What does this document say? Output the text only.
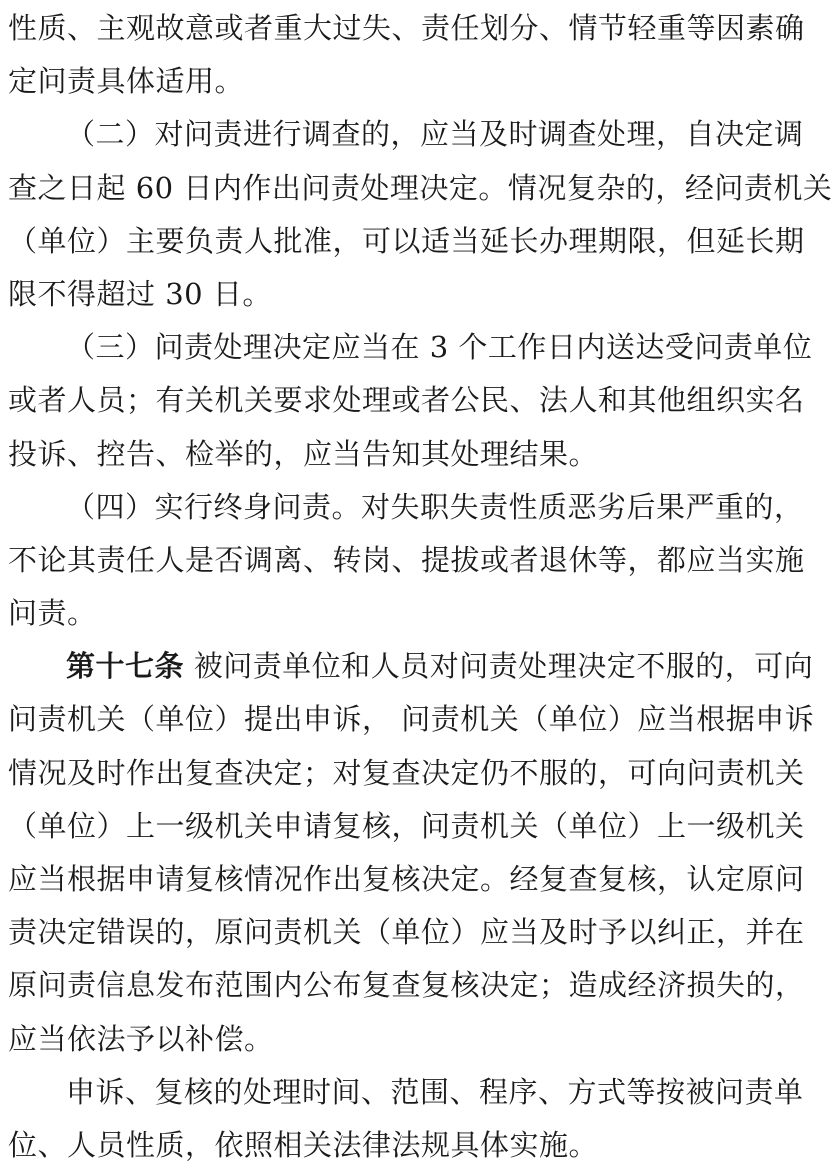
性质、主观故意或者重大过失、责任划分、情节轻重等因素确
定问责具体适用。
（二）对问责进行调查的，应当及时调查处理，自决定调
查之日起 60 日内作出问责处理决定。情况复杂的，经问责机关
（单位）主要负责人批准，可以适当延长办理期限，但延长期
限不得超过 30 日。
（三）问责处理决定应当在 3 个工作日内送达受问责单位
或者人员；有关机关要求处理或者公民、法人和其他组织实名
投诉、控告、检举的，应当告知其处理结果。
（四）实行终身问责。对失职失责性质恶劣后果严重的，
不论其责任人是否调离、转岗、提拔或者退休等，都应当实施
问责。
第十七条 被问责单位和人员对问责处理决定不服的，可向
问责机关（单位）提出申诉， 问责机关（单位）应当根据申诉
情况及时作出复查决定；对复查决定仍不服的，可向问责机关
（单位）上一级机关申请复核，问责机关（单位）上一级机关
应当根据申请复核情况作出复核决定。经复查复核，认定原问
责决定错误的，原问责机关（单位）应当及时予以纠正，并在
原问责信息发布范围内公布复查复核决定；造成经济损失的，
应当依法予以补偿。
申诉、复核的处理时间、范围、程序、方式等按被问责单
位、人员性质，依照相关法律法规具体实施。
